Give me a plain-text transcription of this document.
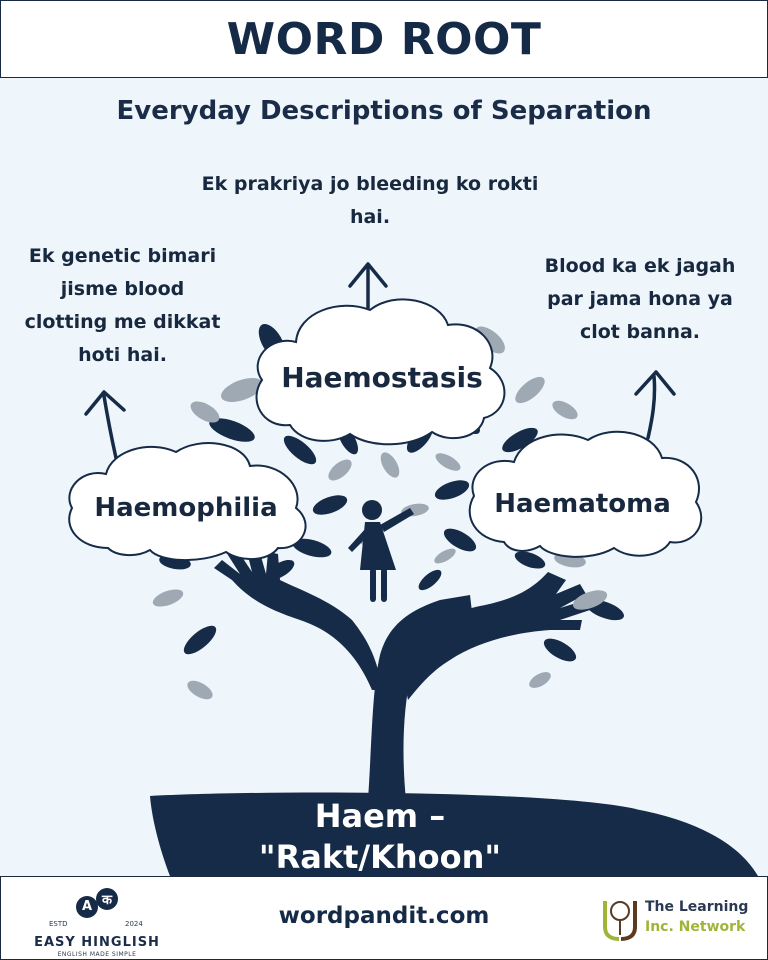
WORD ROOT
Everyday Descriptions of Separation
Ek prakriya jo bleeding ko rokti
hai.
Ek genetic bimari
jisme blood
clotting me dikkat
hoti hai.
Blood ka ek jagah
par jama hona ya
clot banna.
Haemostasis
Haemophilia	Haematoma
Haem –
"Rakt/Khoon"
A क
ESTD	2024
EASY HINGLISH
ENGLISH MADE SIMPLE
wordpandit.com	The Learning
Inc. Network
